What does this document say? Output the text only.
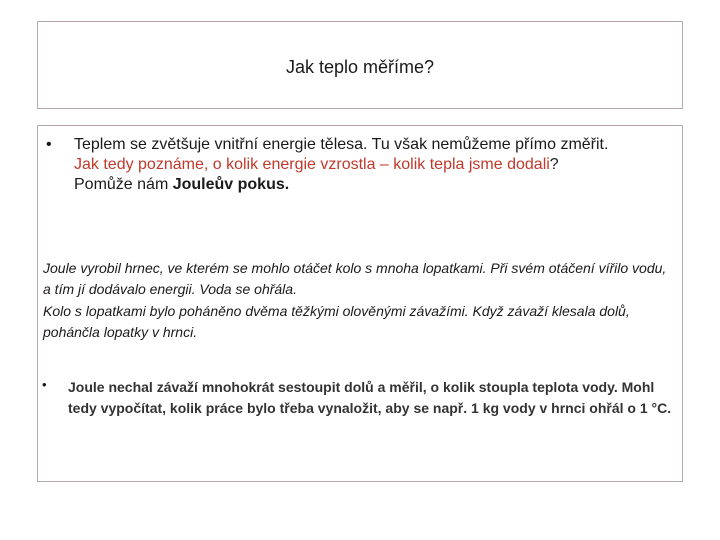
Jak teplo měříme?
•	Teplem se zvětšuje vnitřní energie tělesa. Tu však nemůžeme přímo změřit.
Jak tedy poznáme, o kolik energie vzrostla – kolik tepla jsme dodali?
Pomůže nám Jouleův pokus.
Joule vyrobil hrnec, ve kterém se mohlo otáčet kolo s mnoha lopatkami. Při svém otáčení vířilo vodu, a tím jí dodávalo energii. Voda se ohřála.
Kolo s lopatkami bylo poháněno dvěma těžkými olověnými závažími. Když závaží klesala dolů, pohánčla lopatky v hrnci.
•	Joule nechal závaží mnohokrát sestoupit dolů a měřil, o kolik stoupla teplota vody. Mohl tedy vypočítat, kolik práce bylo třeba vynaložit, aby se např. 1 kg vody v hrnci ohřál o 1 °C.
